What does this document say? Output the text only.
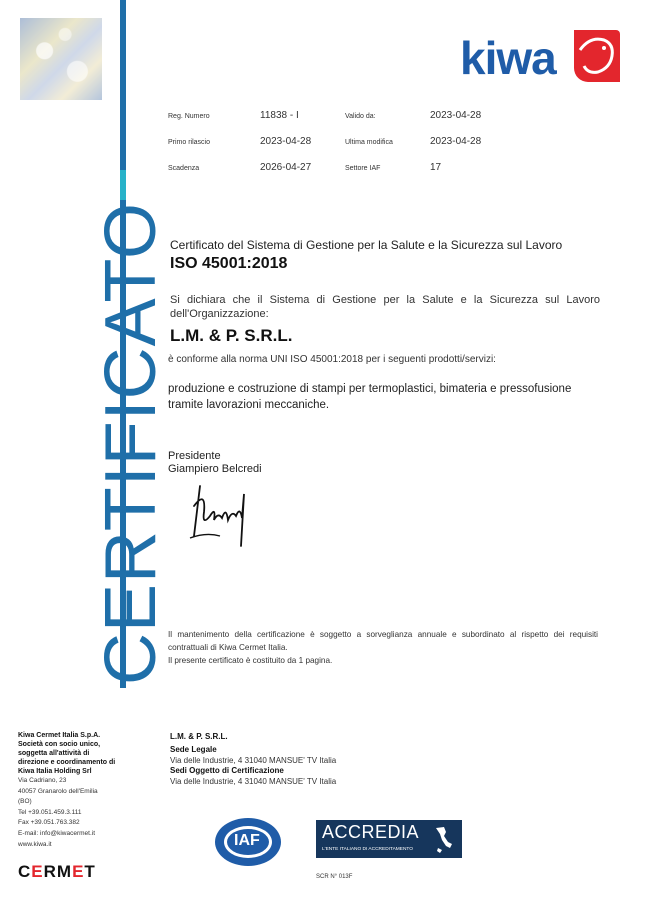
CERTIFICATO
kiwa
Reg. Numero	11838 - I	Valido da:	2023-04-28
Primo rilascio	2023-04-28	Ultima modifica	2023-04-28
Scadenza	2026-04-27	Settore IAF	17
Certificato del Sistema di Gestione per la Salute e la Sicurezza sul Lavoro
ISO 45001:2018
Si dichiara che il Sistema di Gestione per la Salute e la Sicurezza sul Lavoro dell'Organizzazione:
L.M. & P. S.R.L.
è conforme alla norma UNI ISO 45001:2018 per i seguenti prodotti/servizi:
produzione e costruzione di stampi per termoplastici, bimateria e pressofusione tramite lavorazioni meccaniche.
Presidente
Giampiero Belcredi
Il mantenimento della certificazione è soggetto a sorveglianza annuale e subordinato al rispetto dei requisiti contrattuali di Kiwa Cermet Italia.
Il presente certificato è costituito da 1 pagina.
Kiwa Cermet Italia S.p.A.
Società con socio unico,
soggetta all'attività di
direzione e coordinamento di
Kiwa Italia Holding Srl
Via Cadriano, 23
40057 Granarolo dell'Emilia
(BO)
Tel +39.051.459.3.111
Fax +39.051.763.382
E-mail: info@kiwacermet.it
www.kiwa.it
CERMET
L.M. & P. S.R.L.
Sede Legale
Via delle Industrie, 4 31040 MANSUE' TV Italia
Sedi Oggetto di Certificazione
Via delle Industrie, 4 31040 MANSUE' TV Italia
IAF	ACCREDIA
L'ENTE ITALIANO DI ACCREDITAMENTO
SCR N° 013F
